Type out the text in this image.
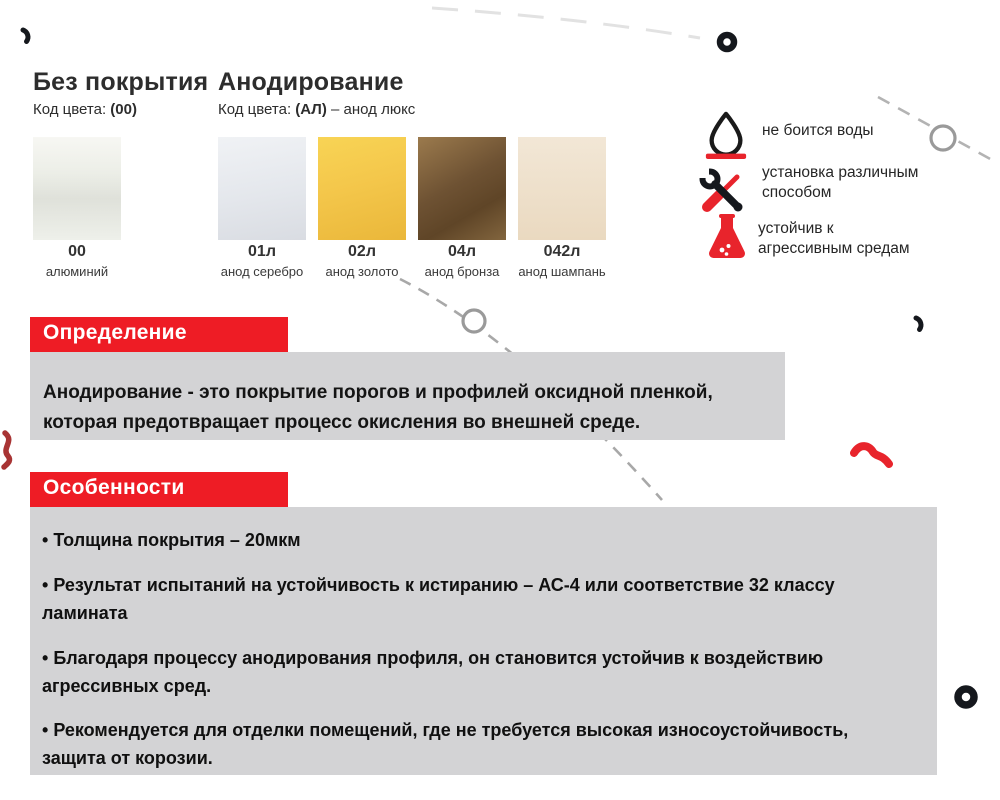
Без покрытия
Код цвета: (00)
Анодирование
Код цвета: (АЛ) – анод люкс
00
алюминий
01л
анод серебро
02л
анод золото
04л
анод бронза
042л
анод шампань
не боится воды
установка различным
способом
устойчив к
агрессивным средам
Определение
Анодирование - это покрытие порогов и профилей оксидной пленкой,
которая предотвращает процесс окисления во внешней среде.
Особенности

• Толщина покрытия – 20мкм

• Результат испытаний на устойчивость к истиранию – АС-4 или соответствие 32 классу
ламината

• Благодаря процессу анодирования профиля, он становится устойчив к воздействию
агрессивных сред.

• Рекомендуется для отделки помещений, где не требуется высокая износоустойчивость,
защита от корозии.
